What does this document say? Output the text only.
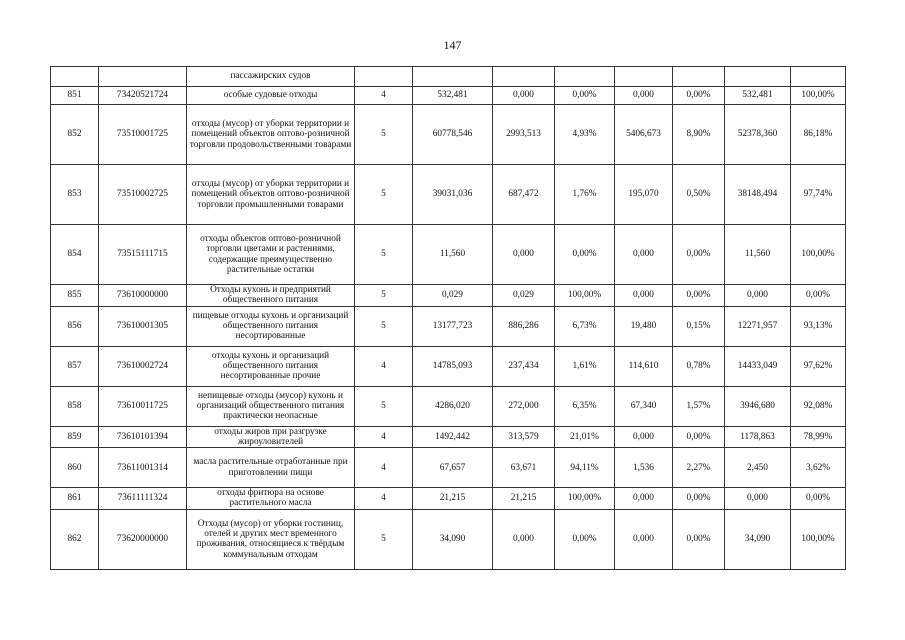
147
		пассажирских судов								
851	73420521724	особые судовые отходы	4	532,481	0,000	0,00%	0,000	0,00%	532,481	100,00%
852	73510001725	отходы (мусор) от уборки территории и помещений объектов оптово-розничной торговли продовольственными товарами	5	60778,546	2993,513	4,93%	5406,673	8,90%	52378,360	86,18%
853	73510002725	отходы (мусор) от уборки территории и помещений объектов оптово-розничной торговли промышленными товарами	5	39031,036	687,472	1,76%	195,070	0,50%	38148,494	97,74%
854	73515111715	отходы объектов оптово-розничной торговли цветами и растениями, содержащие преимущественно растительные остатки	5	11,560	0,000	0,00%	0,000	0,00%	11,560	100,00%
855	73610000000	Отходы кухонь и предприятий общественного питания	5	0,029	0,029	100,00%	0,000	0,00%	0,000	0,00%
856	73610001305	пищевые отходы кухонь и организаций общественного питания несортированные	5	13177,723	886,286	6,73%	19,480	0,15%	12271,957	93,13%
857	73610002724	отходы кухонь и организаций общественного питания несортированные прочие	4	14785,093	237,434	1,61%	114,610	0,78%	14433,049	97,62%
858	73610011725	непищевые отходы (мусор) кухонь и организаций общественного питания практически неопасные	5	4286,020	272,000	6,35%	67,340	1,57%	3946,680	92,08%
859	73610101394	отходы жиров при разгрузке жироуловителей	4	1492,442	313,579	21,01%	0,000	0,00%	1178,863	78,99%
860	73611001314	масла растительные отработанные при приготовлении пищи	4	67,657	63,671	94,11%	1,536	2,27%	2,450	3,62%
861	73611111324	отходы фритюра на основе растительного масла	4	21,215	21,215	100,00%	0,000	0,00%	0,000	0,00%
862	73620000000	Отходы (мусор) от уборки гостиниц, отелей и других мест временного проживания, относящиеся к твёрдым коммунальным отходам	5	34,090	0,000	0,00%	0,000	0,00%	34,090	100,00%
